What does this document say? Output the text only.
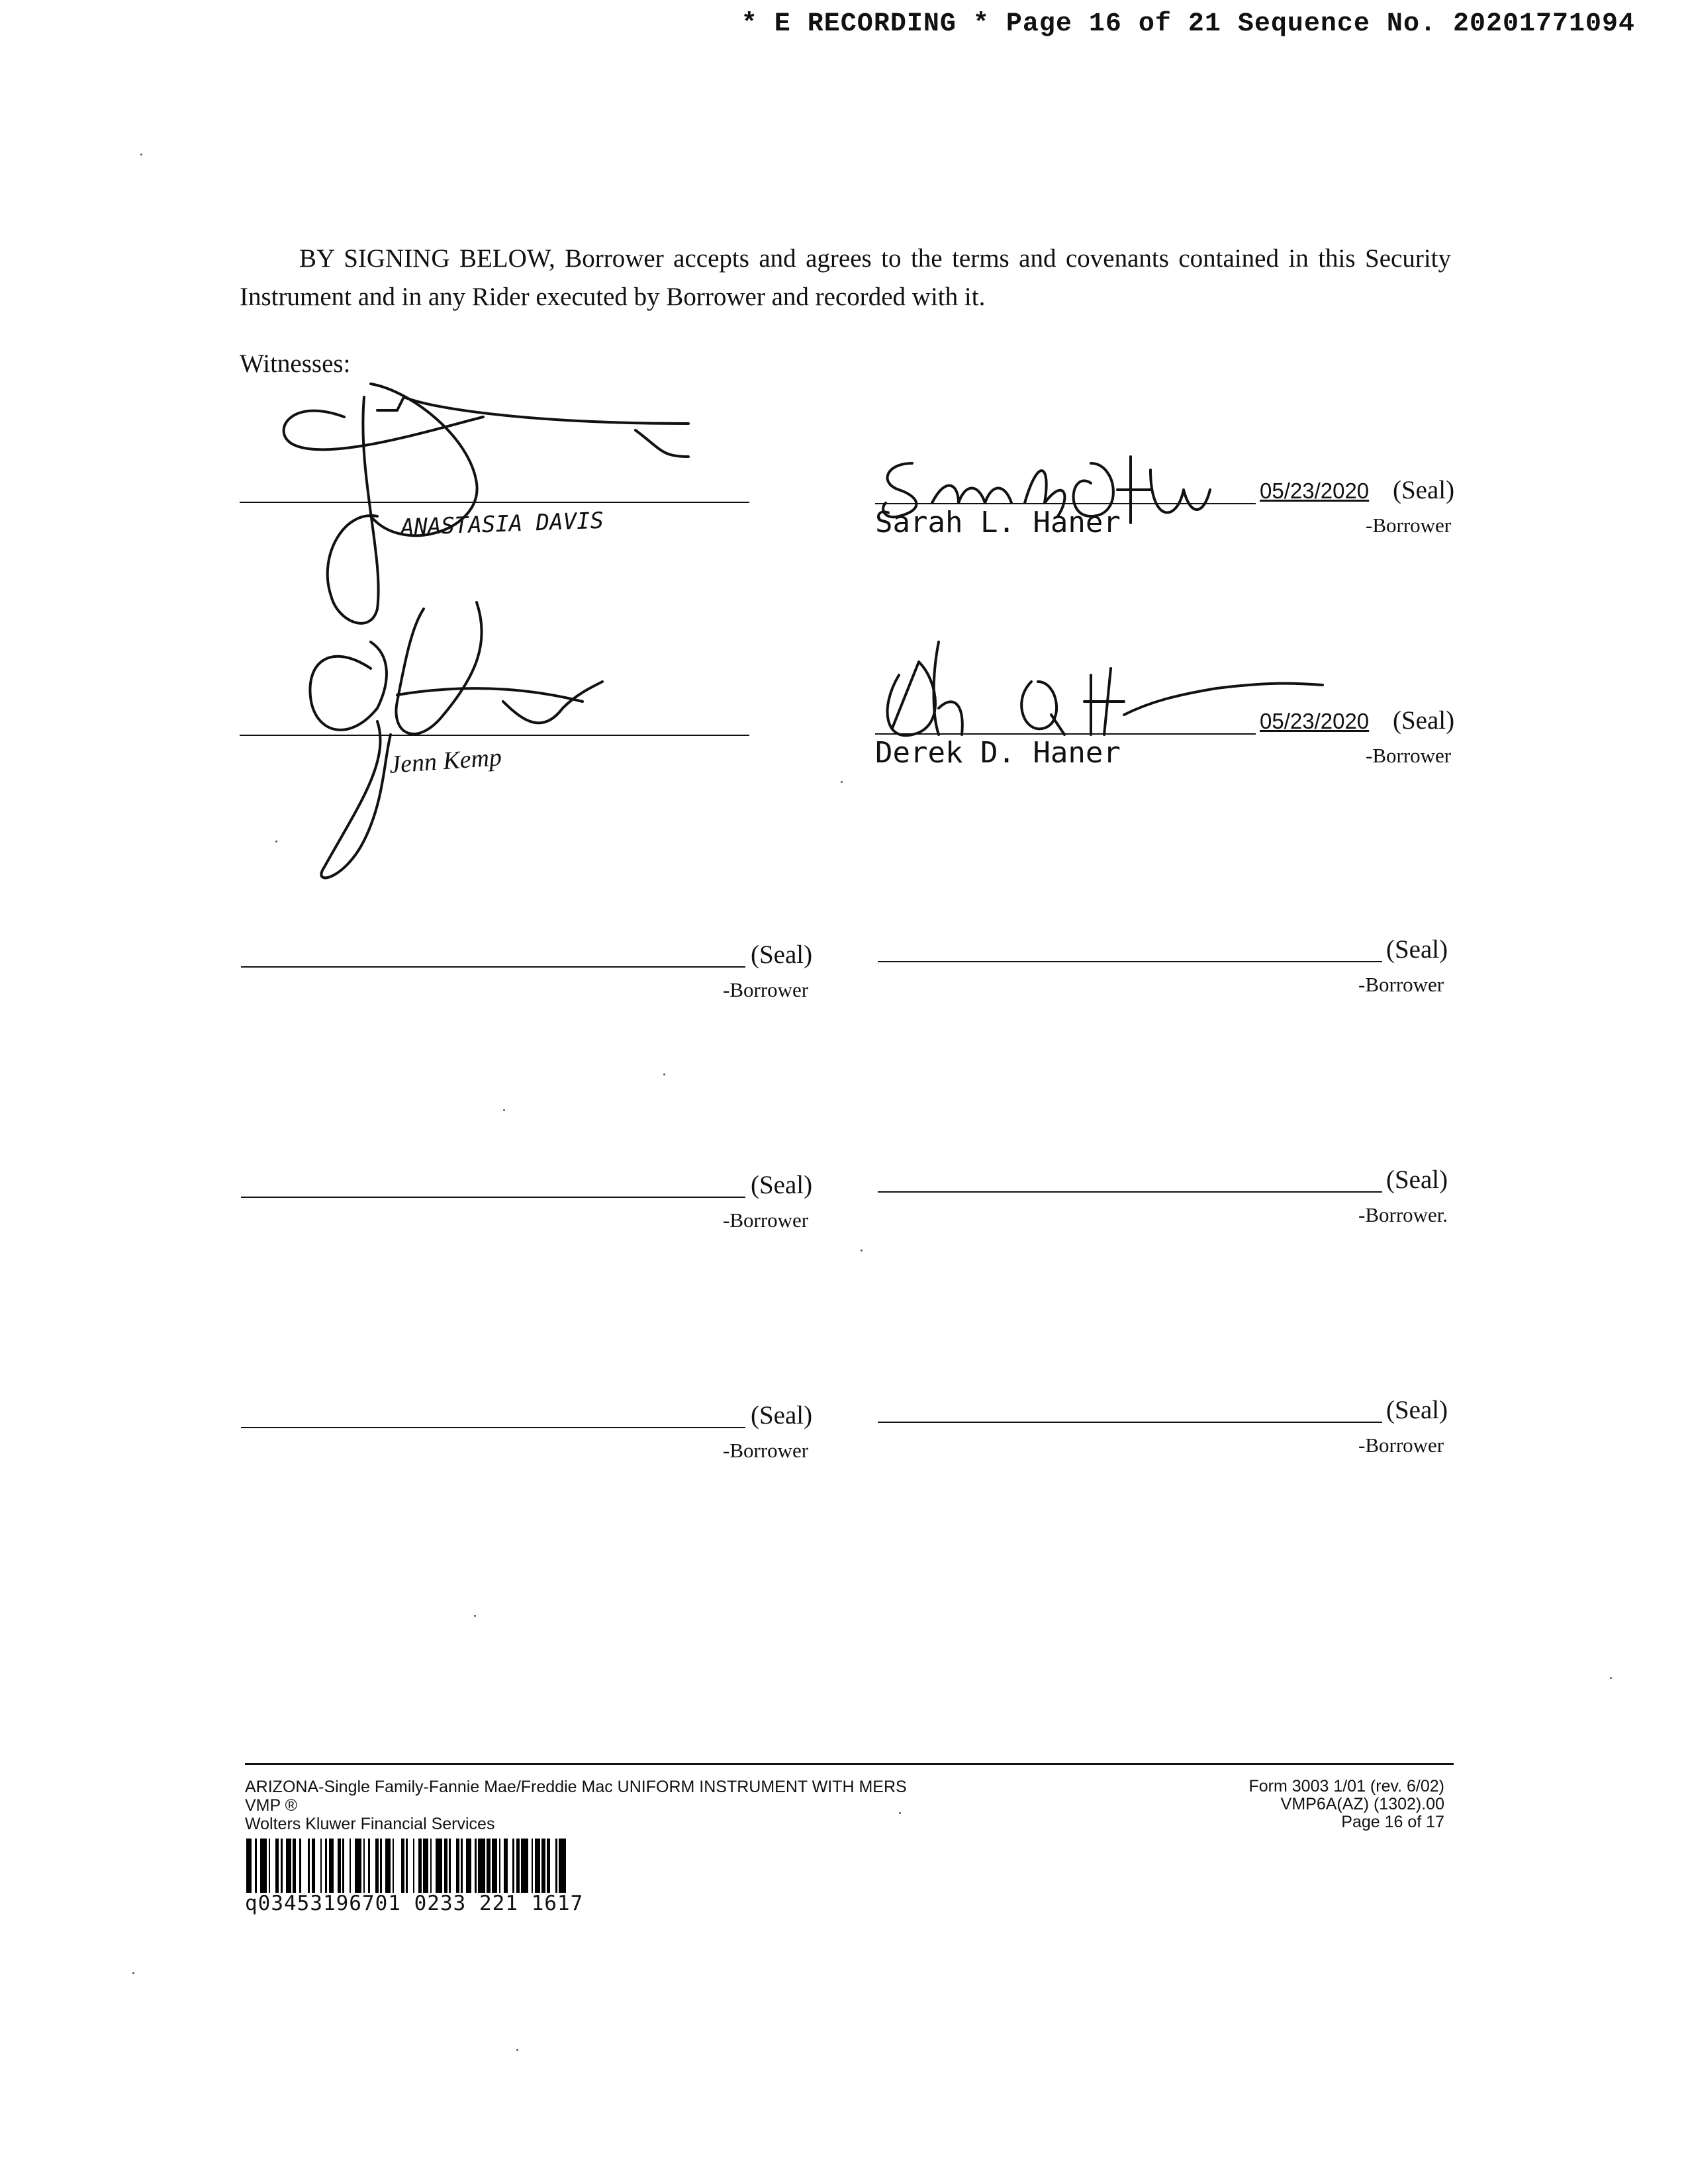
* E RECORDING * Page 16 of 21 Sequence No. 20201771094

BY SIGNING BELOW, Borrower accepts and agrees to the terms and covenants contained in this Security Instrument and in any Rider executed by Borrower and recorded with it.

Witnesses:
ANASTASIA DAVIS
Jenn Kemp
05/23/2020 (Seal)
Sarah L. Haner	-Borrower
05/23/2020 (Seal)
Derek D. Haner	-Borrower
(Seal)
-Borrower
(Seal)
-Borrower
(Seal)
-Borrower
(Seal)
-Borrower.
(Seal)
-Borrower
(Seal)
-Borrower
ARIZONA-Single Family-Fannie Mae/Freddie Mac UNIFORM INSTRUMENT WITH MERS
VMP ®
Wolters Kluwer Financial Services
Form 3003 1/01 (rev. 6/02)
VMP6A(AZ) (1302).00
Page 16 of 17
q03453196701 0233 221 1617
